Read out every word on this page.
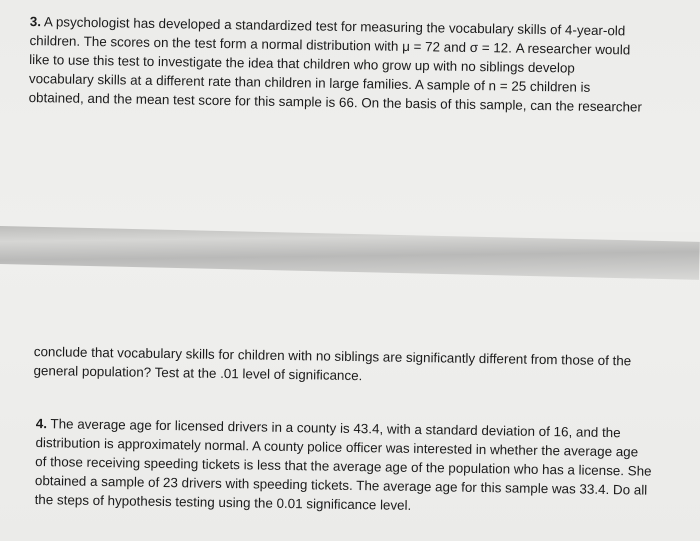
3. A psychologist has developed a standardized test for measuring the vocabulary skills of 4-year-old
children. The scores on the test form a normal distribution with μ = 72 and σ = 12. A researcher would
like to use this test to investigate the idea that children who grow up with no siblings develop
vocabulary skills at a different rate than children in large families. A sample of n = 25 children is
obtained, and the mean test score for this sample is 66. On the basis of this sample, can the researcher
conclude that vocabulary skills for children with no siblings are significantly different from those of the
general population? Test at the .01 level of significance.
4. The average age for licensed drivers in a county is 43.4, with a standard deviation of 16, and the
distribution is approximately normal. A county police officer was interested in whether the average age
of those receiving speeding tickets is less that the average age of the population who has a license. She
obtained a sample of 23 drivers with speeding tickets. The average age for this sample was 33.4. Do all
the steps of hypothesis testing using the 0.01 significance level.
